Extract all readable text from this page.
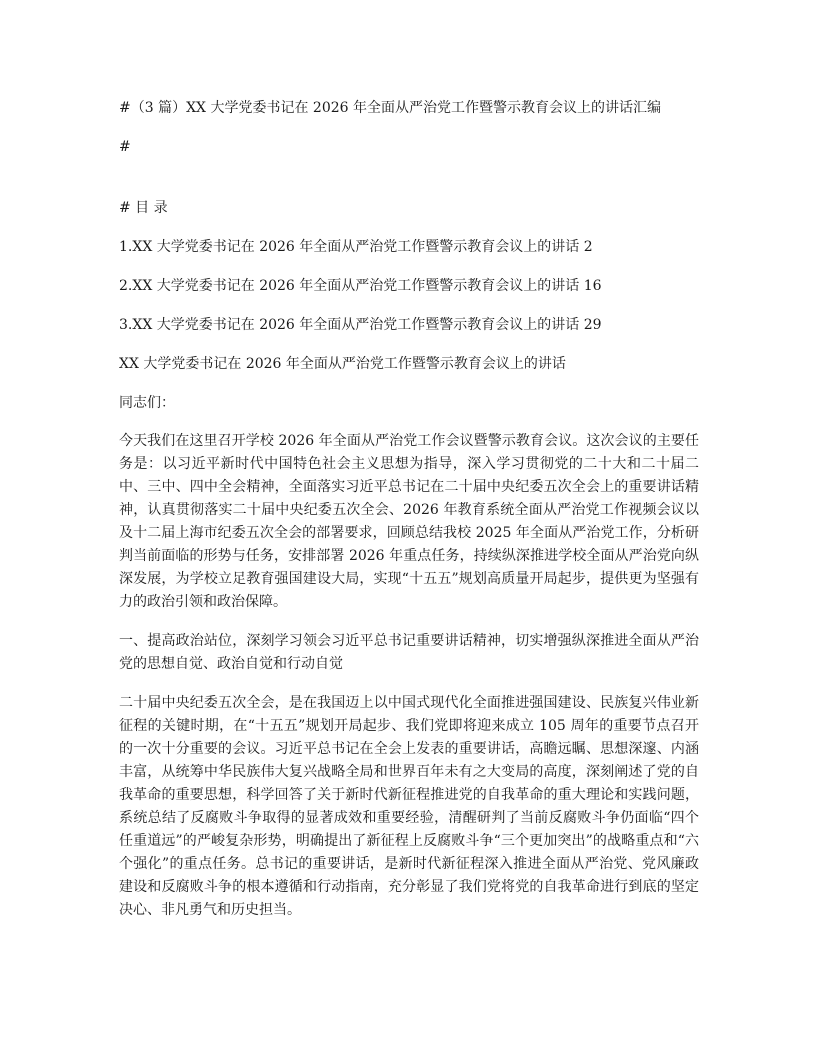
#（3 篇）XX 大学党委书记在 2026 年全面从严治党工作暨警示教育会议上的讲话汇编

#

# 目 录

1.XX 大学党委书记在 2026 年全面从严治党工作暨警示教育会议上的讲话 2

2.XX 大学党委书记在 2026 年全面从严治党工作暨警示教育会议上的讲话 16

3.XX 大学党委书记在 2026 年全面从严治党工作暨警示教育会议上的讲话 29

XX 大学党委书记在 2026 年全面从严治党工作暨警示教育会议上的讲话

同志们：

今天我们在这里召开学校 2026 年全面从严治党工作会议暨警示教育会议。这次会议的主要任务是：以习近平新时代中国特色社会主义思想为指导，深入学习贯彻党的二十大和二十届二中、三中、四中全会精神，全面落实习近平总书记在二十届中央纪委五次全会上的重要讲话精神，认真贯彻落实二十届中央纪委五次全会、2026 年教育系统全面从严治党工作视频会议以及十二届上海市纪委五次全会的部署要求，回顾总结我校 2025 年全面从严治党工作，分析研判当前面临的形势与任务，安排部署 2026 年重点任务，持续纵深推进学校全面从严治党向纵深发展，为学校立足教育强国建设大局，实现“十五五”规划高质量开局起步，提供更为坚强有力的政治引领和政治保障。

一、提高政治站位，深刻学习领会习近平总书记重要讲话精神，切实增强纵深推进全面从严治党的思想自觉、政治自觉和行动自觉

二十届中央纪委五次全会，是在我国迈上以中国式现代化全面推进强国建设、民族复兴伟业新征程的关键时期，在“十五五”规划开局起步、我们党即将迎来成立 105 周年的重要节点召开的一次十分重要的会议。习近平总书记在全会上发表的重要讲话，高瞻远瞩、思想深邃、内涵丰富，从统筹中华民族伟大复兴战略全局和世界百年未有之大变局的高度，深刻阐述了党的自我革命的重要思想，科学回答了关于新时代新征程推进党的自我革命的重大理论和实践问题，系统总结了反腐败斗争取得的显著成效和重要经验，清醒研判了当前反腐败斗争仍面临“四个任重道远”的严峻复杂形势，明确提出了新征程上反腐败斗争“三个更加突出”的战略重点和“六个强化”的重点任务。总书记的重要讲话，是新时代新征程深入推进全面从严治党、党风廉政建设和反腐败斗争的根本遵循和行动指南，充分彰显了我们党将党的自我革命进行到底的坚定决心、非凡勇气和历史担当。
